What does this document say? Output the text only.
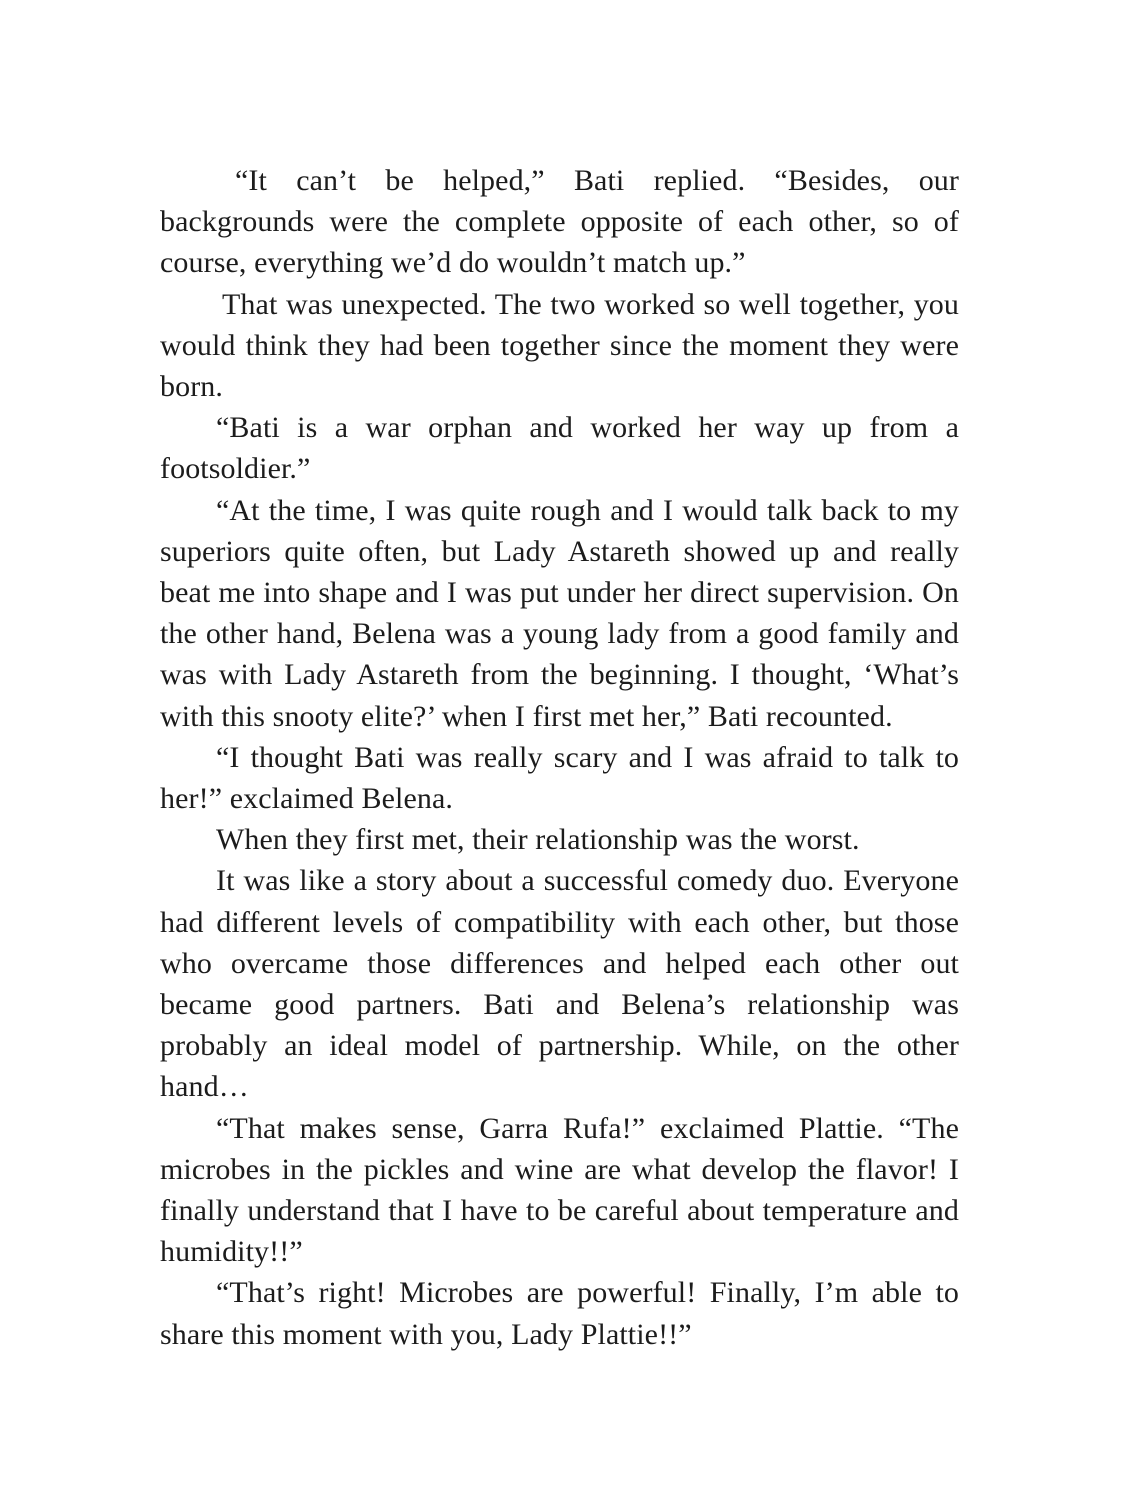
“It can’t be helped,” Bati replied. “Besides, our backgrounds were the complete opposite of each other, so of course, everything we’d do wouldn’t match up.”

That was unexpected. The two worked so well together, you would think they had been together since the moment they were born.

“Bati is a war orphan and worked her way up from a footsoldier.”

“At the time, I was quite rough and I would talk back to my superiors quite often, but Lady Astareth showed up and really beat me into shape and I was put under her direct supervision. On the other hand, Belena was a young lady from a good family and was with Lady Astareth from the beginning. I thought, ‘What’s with this snooty elite?’ when I first met her,” Bati recounted.

“I thought Bati was really scary and I was afraid to talk to her!” exclaimed Belena.

When they first met, their relationship was the worst.

It was like a story about a successful comedy duo. Everyone had different levels of compatibility with each other, but those who overcame those differences and helped each other out became good partners. Bati and Belena’s relationship was probably an ideal model of partnership. While, on the other hand…

“That makes sense, Garra Rufa!” exclaimed Plattie. “The microbes in the pickles and wine are what develop the flavor! I finally understand that I have to be careful about temperature and humidity!!”

“That’s right! Microbes are powerful! Finally, I’m able to share this moment with you, Lady Plattie!!”
